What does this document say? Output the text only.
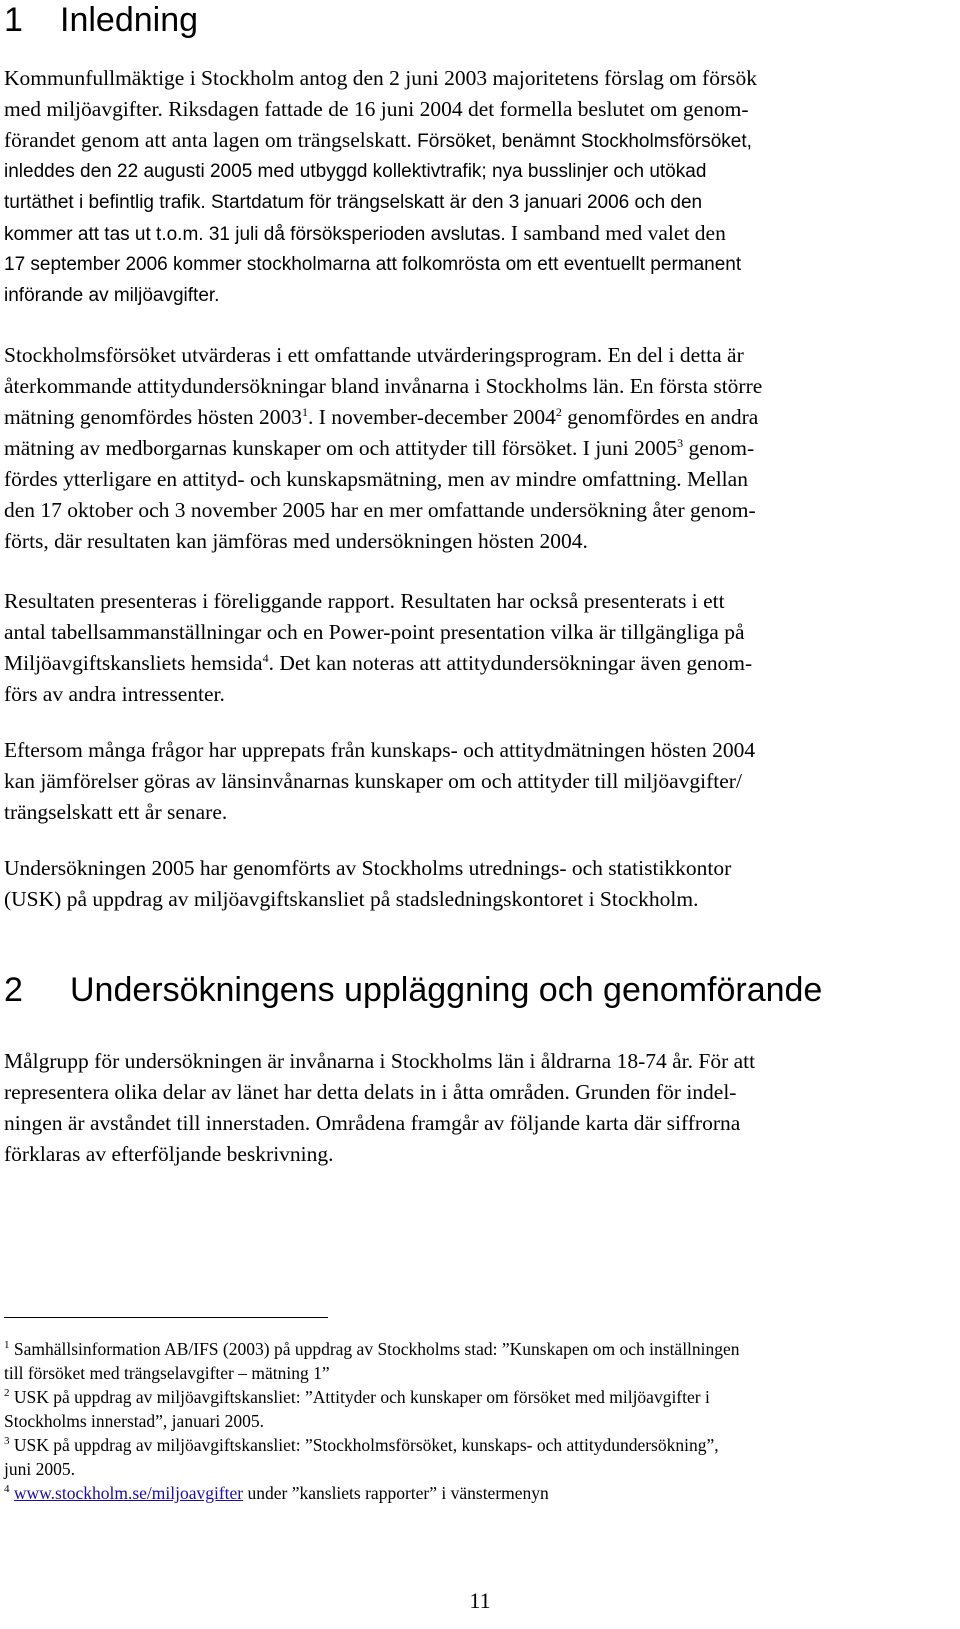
1 Inledning
Kommunfullmäktige i Stockholm antog den 2 juni 2003 majoritetens förslag om försök
med miljöavgifter. Riksdagen fattade de 16 juni 2004 det formella beslutet om genom-
förandet genom att anta lagen om trängselskatt. Försöket, benämnt Stockholmsförsöket,
inleddes den 22 augusti 2005 med utbyggd kollektivtrafik; nya busslinjer och utökad
turtäthet i befintlig trafik. Startdatum för trängselskatt är den 3 januari 2006 och den
kommer att tas ut t.o.m. 31 juli då försöksperioden avslutas. I samband med valet den
17 september 2006 kommer stockholmarna att folkomrösta om ett eventuellt permanent
införande av miljöavgifter.
Stockholmsförsöket utvärderas i ett omfattande utvärderingsprogram. En del i detta är
återkommande attitydundersökningar bland invånarna i Stockholms län. En första större
mätning genomfördes hösten 2003$^1$. I november-december 2004$^2$ genomfördes en andra
mätning av medborgarnas kunskaper om och attityder till försöket. I juni 2005$^3$ genom-
fördes ytterligare en attityd- och kunskapsmätning, men av mindre omfattning. Mellan
den 17 oktober och 3 november 2005 har en mer omfattande undersökning åter genom-
förts, där resultaten kan jämföras med undersökningen hösten 2004.
Resultaten presenteras i föreliggande rapport. Resultaten har också presenterats i ett
antal tabellsammanställningar och en Power-point presentation vilka är tillgängliga på
Miljöavgiftskansliets hemsida$^4$. Det kan noteras att attitydundersökningar även genom-
förs av andra intressenter.
Eftersom många frågor har upprepats från kunskaps- och attitydmätningen hösten 2004
kan jämförelser göras av länsinvånarnas kunskaper om och attityder till miljöavgifter/
trängselskatt ett år senare.
Undersökningen 2005 har genomförts av Stockholms utrednings- och statistikkontor
(USK) på uppdrag av miljöavgiftskansliet på stadsledningskontoret i Stockholm.
2 Undersökningens uppläggning och genomförande
Målgrupp för undersökningen är invånarna i Stockholms län i åldrarna 18-74 år. För att
representera olika delar av länet har detta delats in i åtta områden. Grunden för indel-
ningen är avståndet till innerstaden. Områdena framgår av följande karta där siffrorna
förklaras av efterföljande beskrivning.
$^1$ Samhällsinformation AB/IFS (2003) på uppdrag av Stockholms stad: ”Kunskapen om och inställningen
till försöket med trängselavgifter – mätning 1”
$^2$ USK på uppdrag av miljöavgiftskansliet: ”Attityder och kunskaper om försöket med miljöavgifter i
Stockholms innerstad”, januari 2005.
$^3$ USK på uppdrag av miljöavgiftskansliet: ”Stockholmsförsöket, kunskaps- och attitydundersökning”,
juni 2005.
$^4$ www.stockholm.se/miljoavgifter under ”kansliets rapporter” i vänstermenyn
11
